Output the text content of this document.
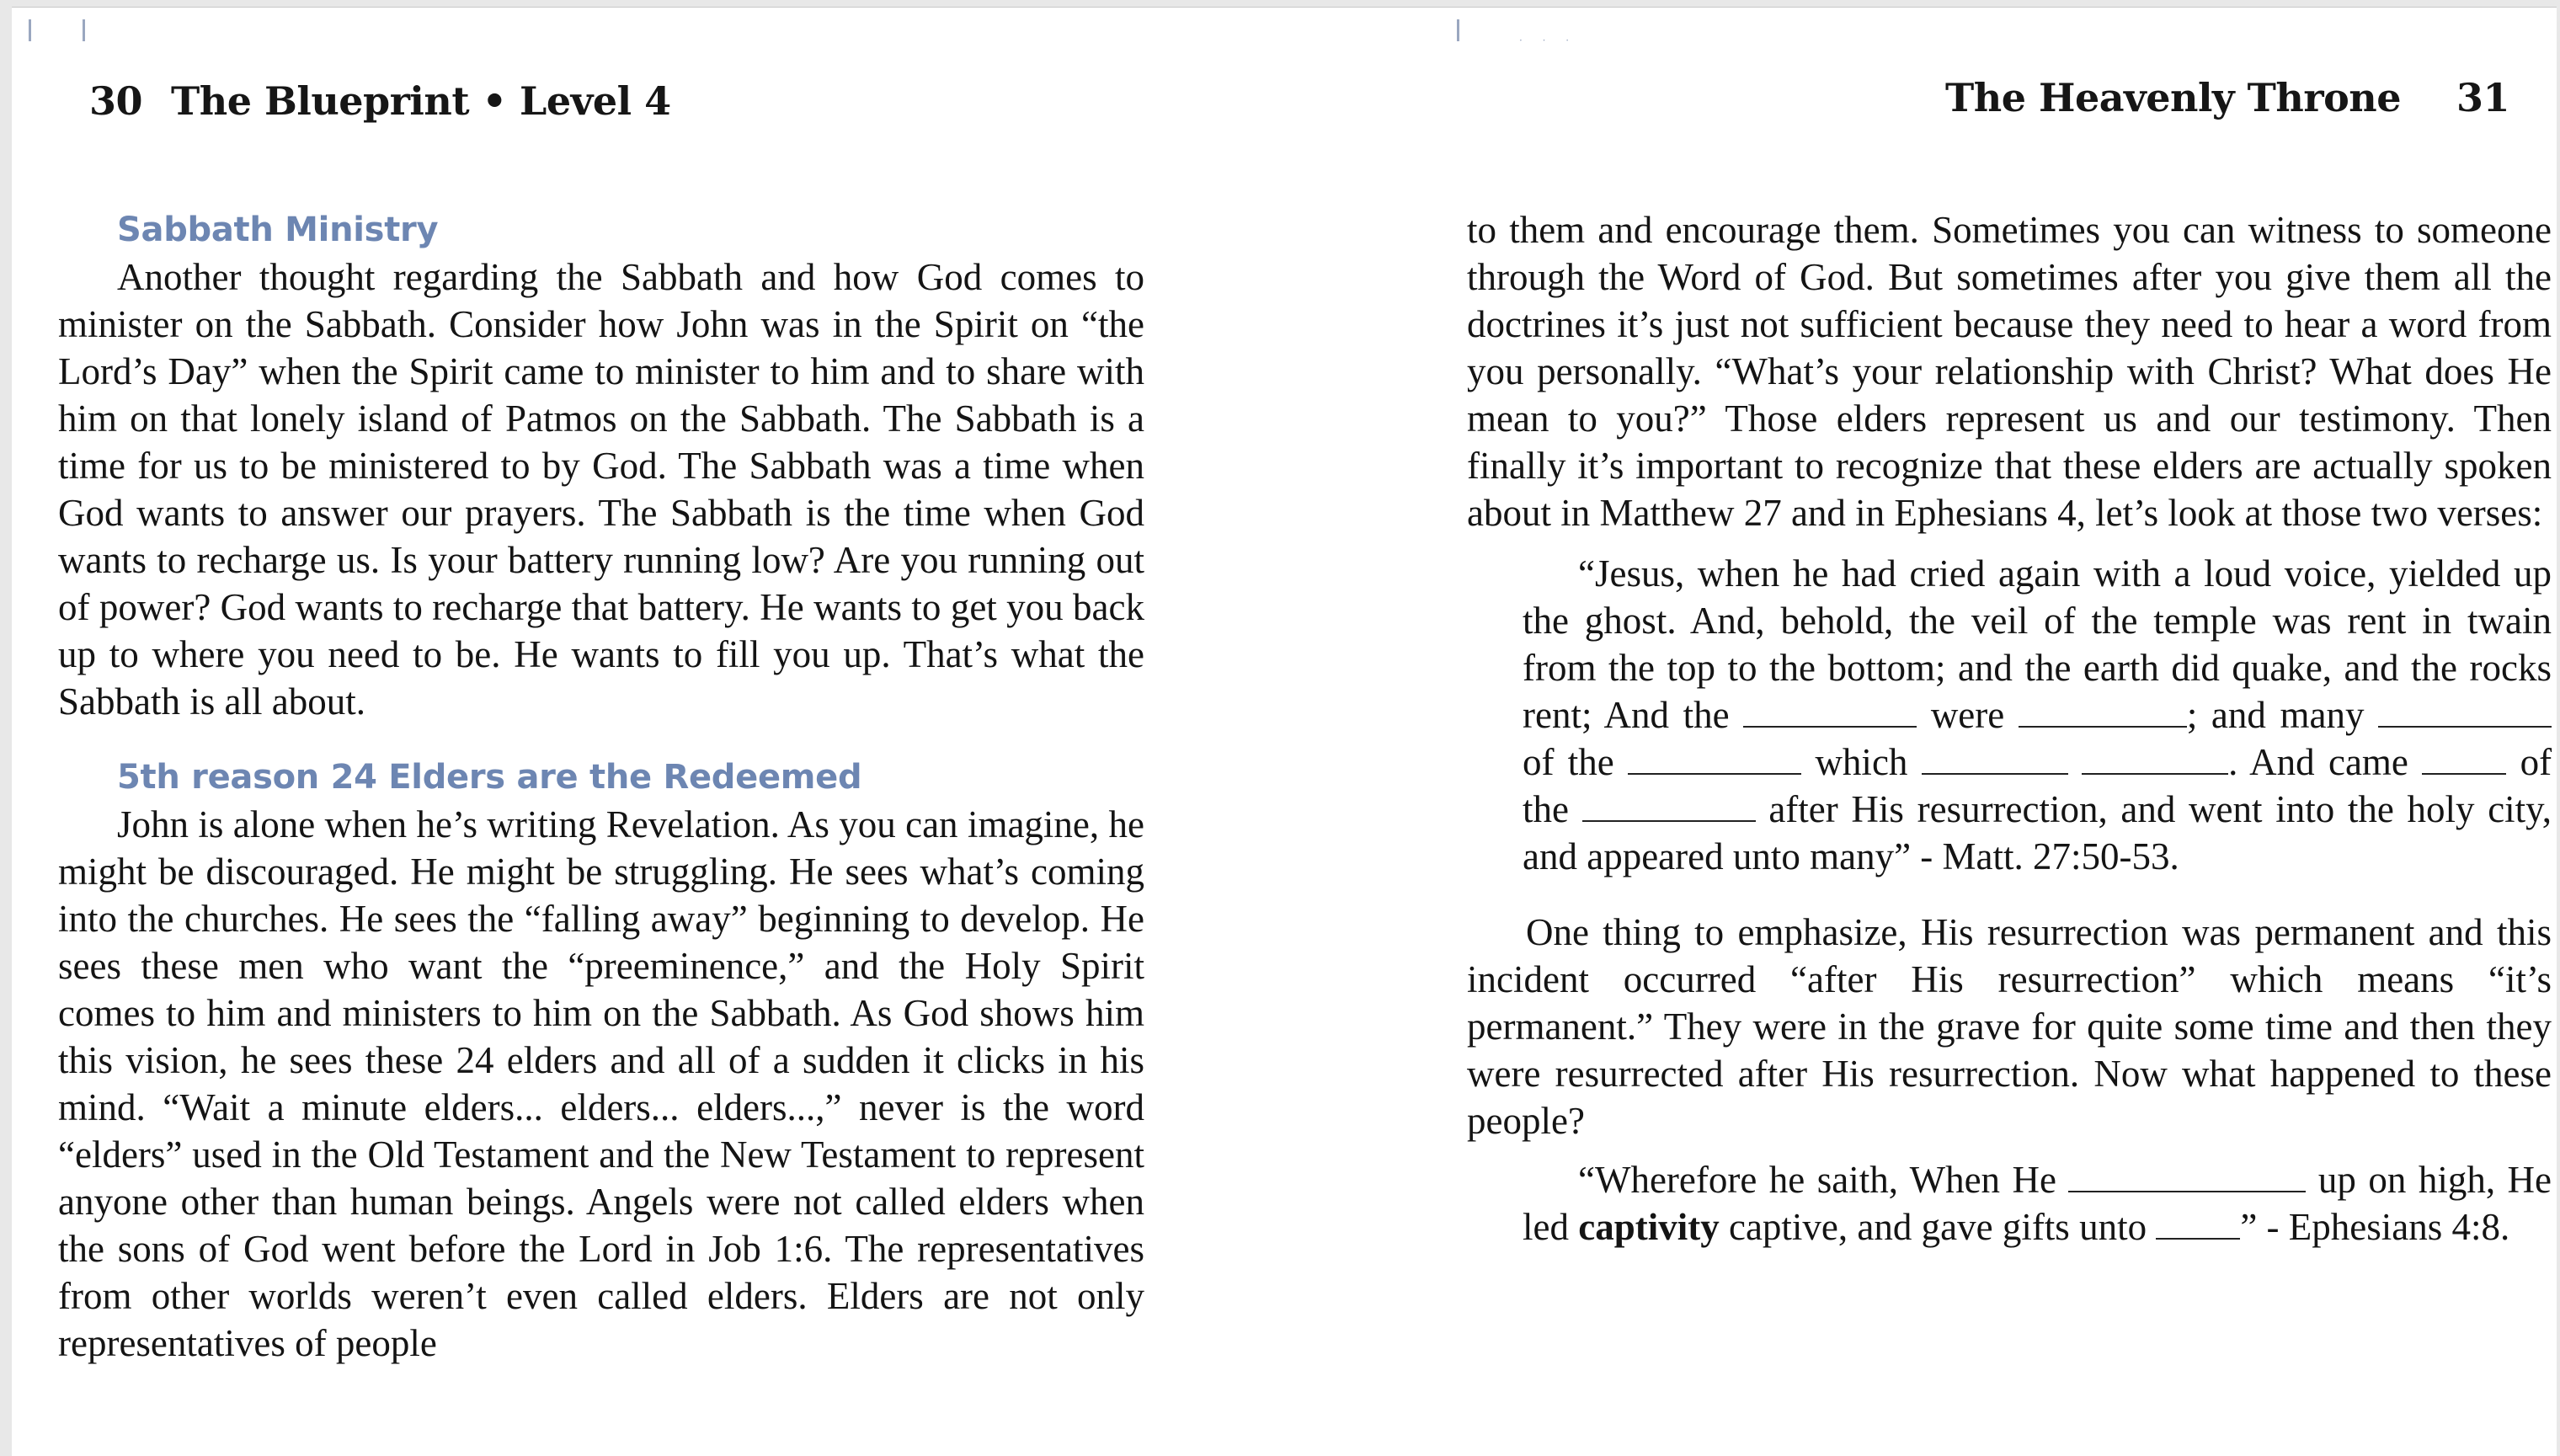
· · ·
30 The Blueprint • Level 4
Sabbath Ministry

Another thought regarding the Sabbath and how God comes to minister on the Sabbath. Consider how John was in the Spirit on “the Lord’s Day” when the Spirit came to minister to him and to share with him on that lonely island of Patmos on the Sabbath. The Sabbath is a time for us to be ministered to by God. The Sabbath was a time when God wants to answer our prayers. The Sabbath is the time when God wants to recharge us. Is your battery running low? Are you running out of power? God wants to recharge that battery. He wants to get you back up to where you need to be. He wants to fill you up. That’s what the Sabbath is all about.

5th reason 24 Elders are the Redeemed

John is alone when he’s writing Revelation. As you can imagine, he might be discouraged. He might be struggling. He sees what’s coming into the churches. He sees the “falling away” beginning to develop. He sees these men who want the “preeminence,” and the Holy Spirit comes to him and ministers to him on the Sabbath. As God shows him this vision, he sees these 24 elders and all of a sudden it clicks in his mind. “Wait a minute elders... elders... elders...,” never is the word “elders” used in the Old Testament and the New Testament to represent anyone other than human beings. Angels were not called elders when the sons of God went before the Lord in Job 1:6. The representatives from other worlds weren’t even called elders. Elders are not only representatives of people

The Heavenly Throne 31

to them and encourage them. Sometimes you can witness to someone through the Word of God. But sometimes after you give them all the doctrines it’s just not sufficient because they need to hear a word from you personally. “What’s your relationship with Christ? What does He mean to you?” Those elders represent us and our testimony. Then finally it’s important to recognize that these elders are actually spoken about in Matthew 27 and in Ephesians 4, let’s look at those two verses:

“Jesus, when he had cried again with a loud voice, yielded up the ghost. And, behold, the veil of the temple was rent in twain from the top to the bottom; and the earth did quake, and the rocks rent; And the	were	; and many  of the	which	. And came	of the	after His resurrection, and went into the holy city, and appeared unto many” - Matt. 27:50-53.

One thing to emphasize, His resurrection was permanent and this incident occurred “after His resurrection” which means “it’s permanent.” They were in the grave for quite some time and then they were resurrected after His resurrection. Now what happened to these people?

“Wherefore he saith, When He	up on high, He led captivity captive, and gave gifts unto ” - Ephesians 4:8.
